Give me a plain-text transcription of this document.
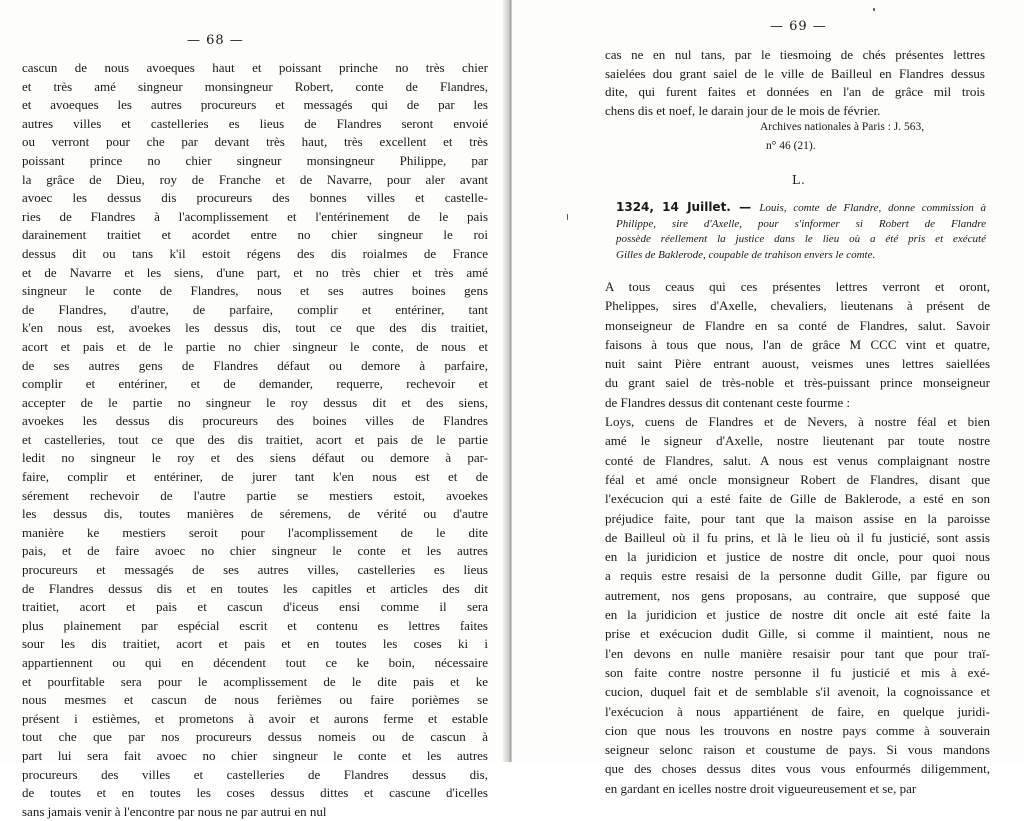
— 68 —
cascun de nous avoeques haut et poissant prinche no très chier
et très amé singneur monsingneur Robert, conte de Flandres,
et avoeques les autres procureurs et messagés qui de par les
autres villes et castelleries es lieus de Flandres seront envoié
ou verront pour che par devant très haut, très excellent et très
poissant prince no chier singneur monsingneur Philippe, par
la grâce de Dieu, roy de Franche et de Navarre, pour aler avant
avoec les dessus dis procureurs des bonnes villes et castelle-
ries de Flandres à l'acomplissement et l'entérinement de le pais
darainement traitiet et acordet entre no chier singneur le roi
dessus dit ou tans k'il estoit régens des dis roialmes de France
et de Navarre et les siens, d'une part, et no très chier et très amé
singneur le conte de Flandres, nous et ses autres boines gens
de Flandres, d'autre, de parfaire, complir et entériner, tant
k'en nous est, avoekes les dessus dis, tout ce que des dis traitiet,
acort et pais et de le partie no chier singneur le conte, de nous et
de ses autres gens de Flandres défaut ou demore à parfaire,
complir et entériner, et de demander, requerre, rechevoir et
accepter de le partie no singneur le roy dessus dit et des siens,
avoekes les dessus dis procureurs des boines villes de Flandres
et castelleries, tout ce que des dis traitiet, acort et pais de le partie
ledit no singneur le roy et des siens défaut ou demore à par-
faire, complir et entériner, de jurer tant k'en nous est et de
sérement rechevoir de l'autre partie se mestiers estoit, avoekes
les dessus dis, toutes manières de séremens, de vérité ou d'autre
manière ke mestiers seroit pour l'acomplissement de le dite
pais, et de faire avoec no chier singneur le conte et les autres
procureurs et messagés de ses autres villes, castelleries es lieus
de Flandres dessus dis et en toutes les capitles et articles des dit
traitiet, acort et pais et cascun d'iceus ensi comme il sera
plus plainement par espécial escrit et contenu es lettres faites
sour les dis traitiet, acort et pais et en toutes les coses ki i
appartiennent ou qui en décendent tout ce ke boin, nécessaire
et pourfitable sera pour le acomplissement de le dite pais et ke
nous mesmes et cascun de nous ferièmes ou faire porièmes se
présent i estièmes, et prometons à avoir et aurons ferme et estable
tout che que par nos procureurs dessus nomeis ou de cascun à
part lui sera fait avoec no chier singneur le conte et les autres
procureurs des villes et castelleries de Flandres dessus dis,
de toutes et en toutes les coses dessus dittes et cascune d'icelles
sans jamais venir à l'encontre par nous ne par autrui en nul
— 69 —
cas ne en nul tans, par le tiesmoing de chés présentes lettres
saielées dou grant saiel de le ville de Bailleul en Flandres dessus
dite, qui furent faites et données en l'an de grâce mil trois
chens dis et noef, le darain jour de le mois de février.
Archives nationales à Paris : J. 563,
n° 46 (21).
L.
1324, 14 Juillet. — Louis, comte de Flandre, donne commission à
Philippe, sire d'Axelle, pour s'informer si Robert de Flandre
possède réellement la justice dans le lieu où a été pris et exécuté
Gilles de Baklerode, coupable de trahison envers le comte.
A tous ceaus qui ces présentes lettres verront et oront,
Phelippes, sires d'Axelle, chevaliers, lieutenans à présent de
monseigneur de Flandre en sa conté de Flandres, salut. Savoir
faisons à tous que nous, l'an de grâce M CCC vint et quatre,
nuit saint Pière entrant auoust, veismes unes lettres saiellées
du grant saiel de très-noble et très-puissant prince monseigneur
de Flandres dessus dit contenant ceste fourme :
Loys, cuens de Flandres et de Nevers, à nostre féal et bien
amé le signeur d'Axelle, nostre lieutenant par toute nostre
conté de Flandres, salut. A nous est venus complaignant nostre
féal et amé oncle monsigneur Robert de Flandres, disant que
l'exécucion qui a esté faite de Gille de Baklerode, a esté en son
préjudice faite, pour tant que la maison assise en la paroisse
de Bailleul où il fu prins, et là le lieu où il fu justicié, sont assis
en la juridicion et justice de nostre dit oncle, pour quoi nous
a requis estre resaisi de la personne dudit Gille, par figure ou
autrement, nos gens proposans, au contraire, que supposé que
en la juridicion et justice de nostre dit oncle ait esté faite la
prise et exécucion dudit Gille, si comme il maintient, nous ne
l'en devons en nulle manière resaisir pour tant que pour traï-
son faite contre nostre personne il fu justicié et mis à exé-
cucion, duquel fait et de semblable s'il avenoit, la cognoissance et
l'exécucion à nous appartiénent de faire, en quelque juridi-
cion que nous les trouvons en nostre pays comme à souverain
seigneur selonc raison et coustume de pays. Si vous mandons
que des choses dessus dites vous vous enfourmés diligemment,
en gardant en icelles nostre droit vigueureusement et se, par
